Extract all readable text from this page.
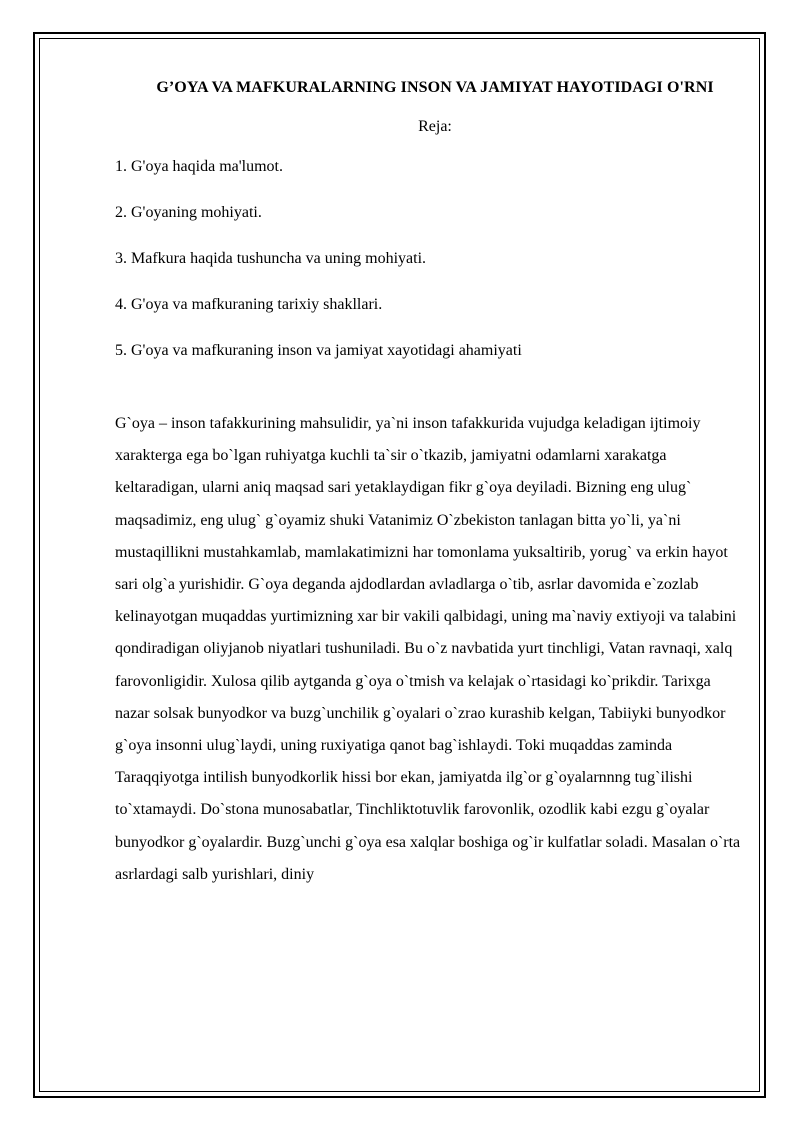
G’OYA VA MAFKURALARNING INSON VA JAMIYAT HAYOTIDAGI O'RNI

Reja:

1. G'oya haqida ma'lumot.
2. G'oyaning mohiyati.
3. Mafkura haqida tushuncha va uning mohiyati.
4. G'oya va mafkuraning tarixiy shakllari.
5. G'oya va mafkuraning inson va jamiyat xayotidagi ahamiyati

G`oya – inson tafakkurining mahsulidir, ya`ni inson tafakkurida vujudga keladigan ijtimoiy xarakterga ega bo`lgan ruhiyatga kuchli ta`sir o`tkazib, jamiyatni odamlarni xarakatga keltaradigan, ularni aniq maqsad sari yetaklaydigan fikr g`oya deyiladi. Bizning eng ulug` maqsadimiz, eng ulug` g`oyamiz shuki Vatanimiz O`zbekiston tanlagan bitta yo`li, ya`ni mustaqillikni mustahkamlab, mamlakatimizni har tomonlama yuksaltirib, yorug` va erkin hayot sari olg`a yurishidir. G`oya deganda ajdodlardan avladlarga o`tib, asrlar davomida e`zozlab kelinayotgan muqaddas yurtimizning xar bir vakili qalbidagi, uning ma`naviy extiyoji va talabini qondiradigan oliyjanob niyatlari tushuniladi. Bu o`z navbatida yurt tinchligi, Vatan ravnaqi, xalq farovonligidir. Xulosa qilib aytganda g`oya o`tmish va kelajak o`rtasidagi ko`prikdir. Tarixga nazar solsak bunyodkor va buzg`unchilik g`oyalari o`zrao kurashib kelgan, Tabiiyki bunyodkor g`oya insonni ulug`laydi, uning ruxiyatiga qanot bag`ishlaydi. Toki muqaddas zaminda Taraqqiyotga intilish bunyodkorlik hissi bor ekan, jamiyatda ilg`or g`oyalarnnng tug`ilishi to`xtamaydi. Do`stona munosabatlar, Tinchliktotuvlik farovonlik, ozodlik kabi ezgu g`oyalar bunyodkor g`oyalardir. Buzg`unchi g`oya esa xalqlar boshiga og`ir kulfatlar soladi. Masalan o`rta asrlardagi salb yurishlari, diniy
